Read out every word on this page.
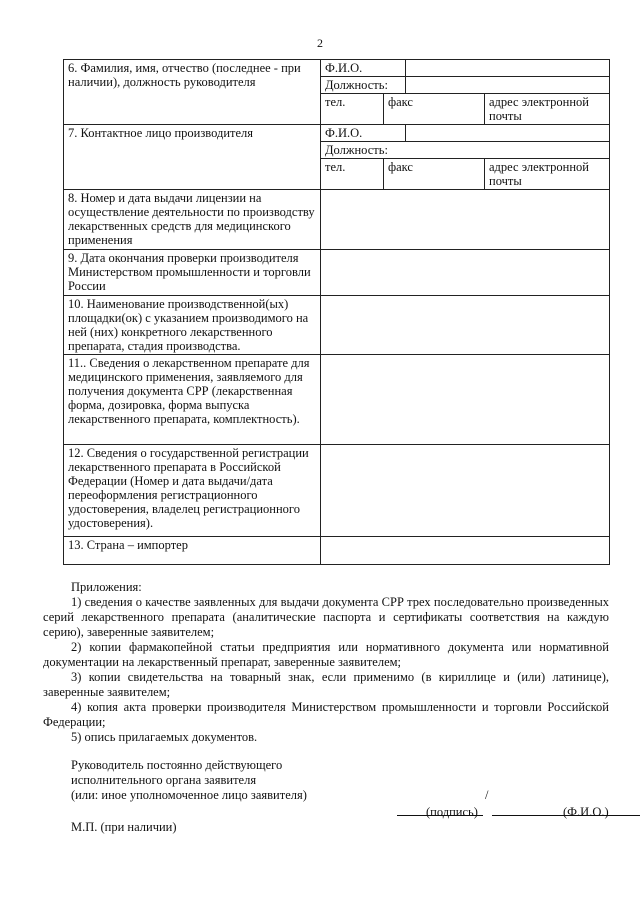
2
6. Фамилия, имя, отчество (последнее - при наличии), должность руководителя	Ф.И.О.			
	Должность:			
	тел.	факс		адрес электронной почты
7. Контактное лицо производителя	Ф.И.О.			
	Должность:			
	тел.	факс		адрес электронной почты
8. Номер и дата выдачи лицензии на осуществление деятельности по производству лекарственных средств для медицинского применения				
9. Дата окончания проверки производителя Министерством промышленности и торговли России				
10. Наименование производственной(ых) площадки(ок) с указанием производимого на ней (них) конкретного лекарственного препарата, стадия производства.				
11.. Сведения о лекарственном препарате для медицинского применения, заявляемого для получения документа СРР (лекарственная форма, дозировка, форма выпуска лекарственного препарата, комплектность).				
12. Сведения о государственной регистрации лекарственного препарата в Российской Федерации (Номер и дата выдачи/дата переоформления регистрационного удостоверения, владелец регистрационного удостоверения).				
13. Страна – импортер				

Приложения:

1) сведения о качестве заявленных для выдачи документа СРР трех последовательно произведенных серий лекарственного препарата (аналитические паспорта и сертификаты соответствия на каждую серию), заверенные заявителем;

2) копии фармакопейной статьи предприятия или нормативного документа или нормативной документации на лекарственный препарат, заверенные заявителем;

3) копии свидетельства на товарный знак, если применимо (в кириллице и (или) латинице), заверенные заявителем;

4) копия акта проверки производителя Министерством промышленности и торговли Российской Федерации;

5) опись прилагаемых документов.

Руководитель постоянно действующего
исполнительного органа заявителя
(или: иное уполномоченное лицо заявителя)	/
(подпись)	(Ф.И.О.)
М.П. (при наличии)
